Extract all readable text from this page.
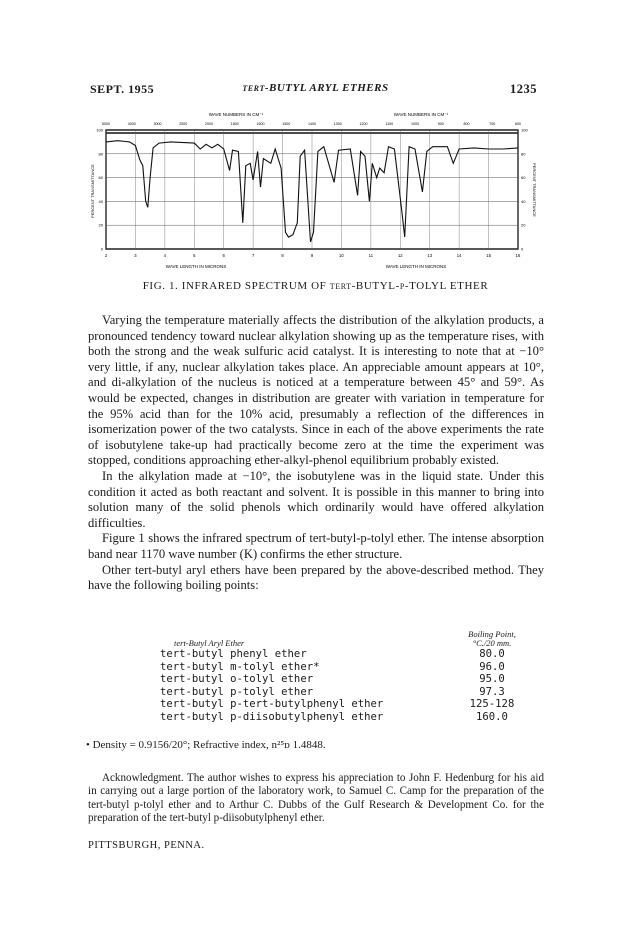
SEPT. 1955	tert-BUTYL ARYL ETHERS	1235
WAVE NUMBERS IN CM⁻¹	WAVE NUMBERS IN CM⁻¹
5000	4000	3000	2500	2000	1800	1600	1500	1400	1300	1200	1100	1000	900	800	700	650
100	100
80	80
60	60
40	40
20	20
0	0
2	3	4	5	6	7	8	9	10	11	12	13	14	15	16
WAVE LENGTH IN MICRONS	WAVE LENGTH IN MICRONS
PERCENT TRANSMITTANCE	PERCENT TRANSMITTANCE
FIG. 1. INFRARED SPECTRUM OF tert-BUTYL-p-TOLYL ETHER

Varying the temperature materially affects the distribution of the alkylation products, a pronounced tendency toward nuclear alkylation showing up as the temperature rises, with both the strong and the weak sulfuric acid catalyst. It is interesting to note that at −10° very little, if any, nuclear alkylation takes place. An appreciable amount appears at 10°, and di-alkylation of the nucleus is noticed at a temperature between 45° and 59°. As would be expected, changes in distribution are greater with variation in temperature for the 95% acid than for the 10% acid, presumably a reflection of the differences in isomerization power of the two catalysts. Since in each of the above experiments the rate of isobutylene take-up had practically become zero at the time the experiment was stopped, conditions approaching ether-alkyl-phenol equilibrium probably existed.

In the alkylation made at −10°, the isobutylene was in the liquid state. Under this condition it acted as both reactant and solvent. It is possible in this manner to bring into solution many of the solid phenols which ordinarily would have offered alkylation difficulties.

Figure 1 shows the infrared spectrum of tert-butyl-p-tolyl ether. The intense absorption band near 1170 wave number (K) confirms the ether structure.

Other tert-butyl aryl ethers have been prepared by the above-described method. They have the following boiling points:

tert-Butyl Aryl Ether
Boiling Point,
°C./20 mm.
tert-butyl phenyl ether	80.0
tert-butyl m-tolyl ether*	96.0
tert-butyl o-tolyl ether	95.0
tert-butyl p-tolyl ether	97.3
tert-butyl p-tert-butylphenyl ether	125-128
tert-butyl p-diisobutylphenyl ether	160.0
• Density = 0.9156/20°; Refractive index, n²⁵ᴅ 1.4848.

Acknowledgment. The author wishes to express his appreciation to John F. Hedenburg for his aid in carrying out a large portion of the laboratory work, to Samuel C. Camp for the preparation of the tert-butyl p-tolyl ether and to Arthur C. Dubbs of the Gulf Research & Development Co. for the preparation of the tert-butyl p-diisobutylphenyl ether.

PITTSBURGH, PENNA.
